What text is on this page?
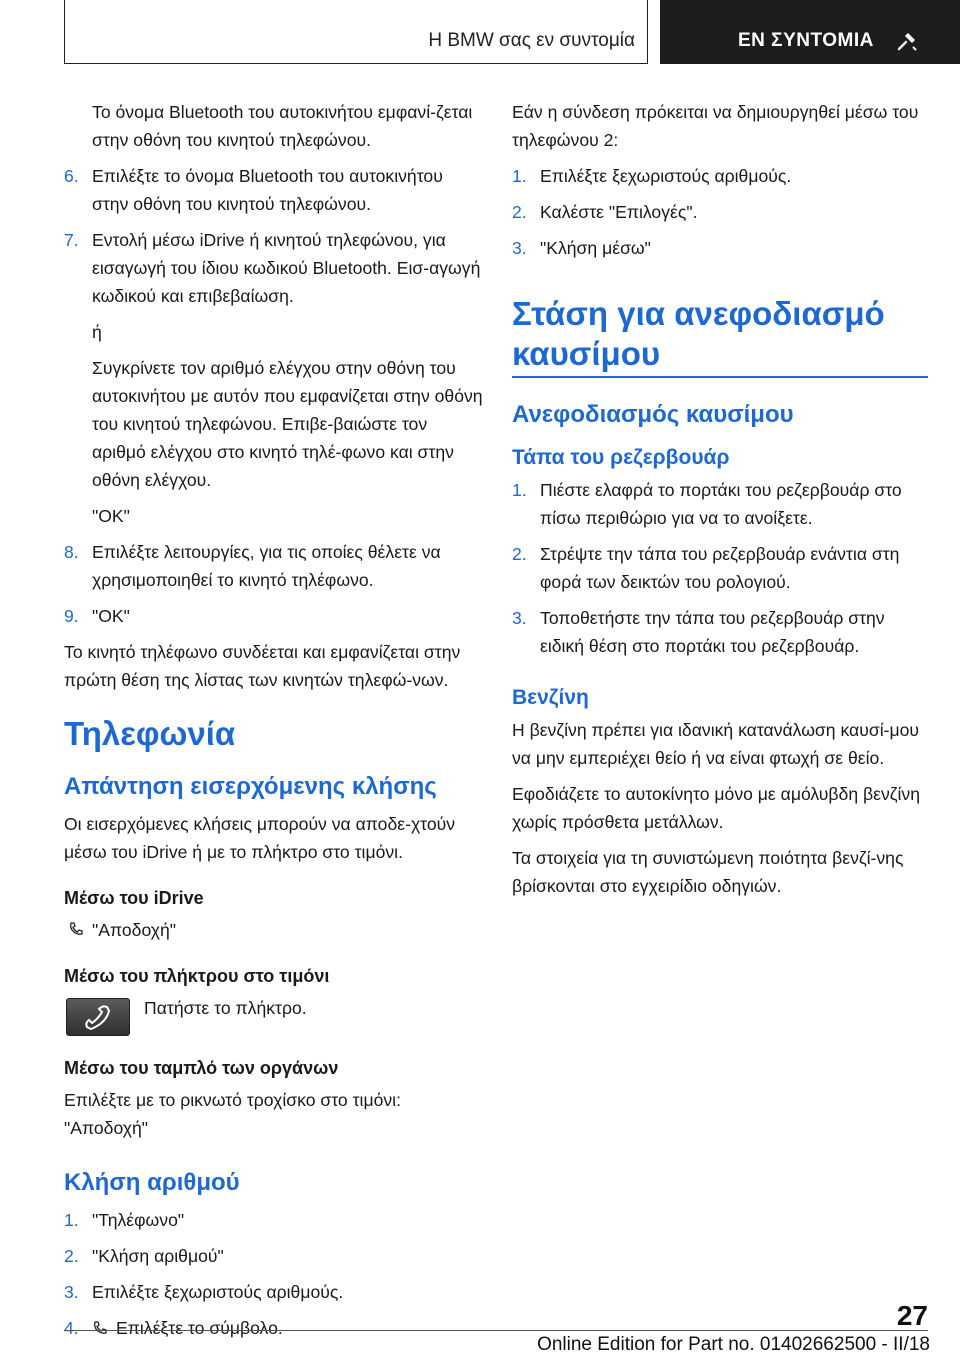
Η BMW σας εν συντομία	ΕΝ ΣΥΝΤΟΜΙΑ

Το όνομα Bluetooth του αυτοκινήτου εμφανί-ζεται στην οθόνη του κινητού τηλεφώνου.

6. Επιλέξτε το όνομα Bluetooth του αυτοκινήτου στην οθόνη του κινητού τηλεφώνου.
7. Εντολή μέσω iDrive ή κινητού τηλεφώνου, για εισαγωγή του ίδιου κωδικού Bluetooth. Εισ-αγωγή κωδικού και επιβεβαίωση.

ή

Συγκρίνετε τον αριθμό ελέγχου στην οθόνη του αυτοκινήτου με αυτόν που εμφανίζεται στην οθόνη του κινητού τηλεφώνου. Επιβε-βαιώστε τον αριθμό ελέγχου στο κινητό τηλέ-φωνο και στην οθόνη ελέγχου.

"OK"

8. Επιλέξτε λειτουργίες, για τις οποίες θέλετε να χρησιμοποιηθεί το κινητό τηλέφωνο.
9. "OK"

Το κινητό τηλέφωνο συνδέεται και εμφανίζεται στην πρώτη θέση της λίστας των κινητών τηλεφώ-νων.

Τηλεφωνία
Απάντηση εισερχόμενης κλήσης

Οι εισερχόμενες κλήσεις μπορούν να αποδε-χτούν μέσω του iDrive ή με το πλήκτρο στο τιμόνι.

Μέσω του iDrive
"Αποδοχή"
Μέσω του πλήκτρου στο τιμόνι

Πατήστε το πλήκτρο.

Μέσω του ταμπλό των οργάνων

Επιλέξτε με το ρικνωτό τροχίσκο στο τιμόνι: "Αποδοχή"

Κλήση αριθμού
1. "Τηλέφωνο"
2. "Κλήση αριθμού"
3. Επιλέξτε ξεχωριστούς αριθμούς.
4. Επιλέξτε το σύμβολο.

Εάν η σύνδεση πρόκειται να δημιουργηθεί μέσω του τηλεφώνου 2:

1. Επιλέξτε ξεχωριστούς αριθμούς.
2. Καλέστε "Επιλογές".
3. "Κλήση μέσω"
Στάση για ανεφοδιασμό καυσίμου
Ανεφοδιασμός καυσίμου
Τάπα του ρεζερβουάρ
1. Πιέστε ελαφρά το πορτάκι του ρεζερβουάρ στο πίσω περιθώριο για να το ανοίξετε.
2. Στρέψτε την τάπα του ρεζερβουάρ ενάντια στη φορά των δεικτών του ρολογιού.
3. Τοποθετήστε την τάπα του ρεζερβουάρ στην ειδική θέση στο πορτάκι του ρεζερβουάρ.
Βενζίνη

Η βενζίνη πρέπει για ιδανική κατανάλωση καυσί-μου να μην εμπεριέχει θείο ή να είναι φτωχή σε θείο.

Εφοδιάζετε το αυτοκίνητο μόνο με αμόλυβδη βενζίνη χωρίς πρόσθετα μετάλλων.

Τα στοιχεία για τη συνιστώμενη ποιότητα βενζί-νης βρίσκονται στο εγχειρίδιο οδηγιών.

27
Online Edition for Part no. 01402662500 - II/18
